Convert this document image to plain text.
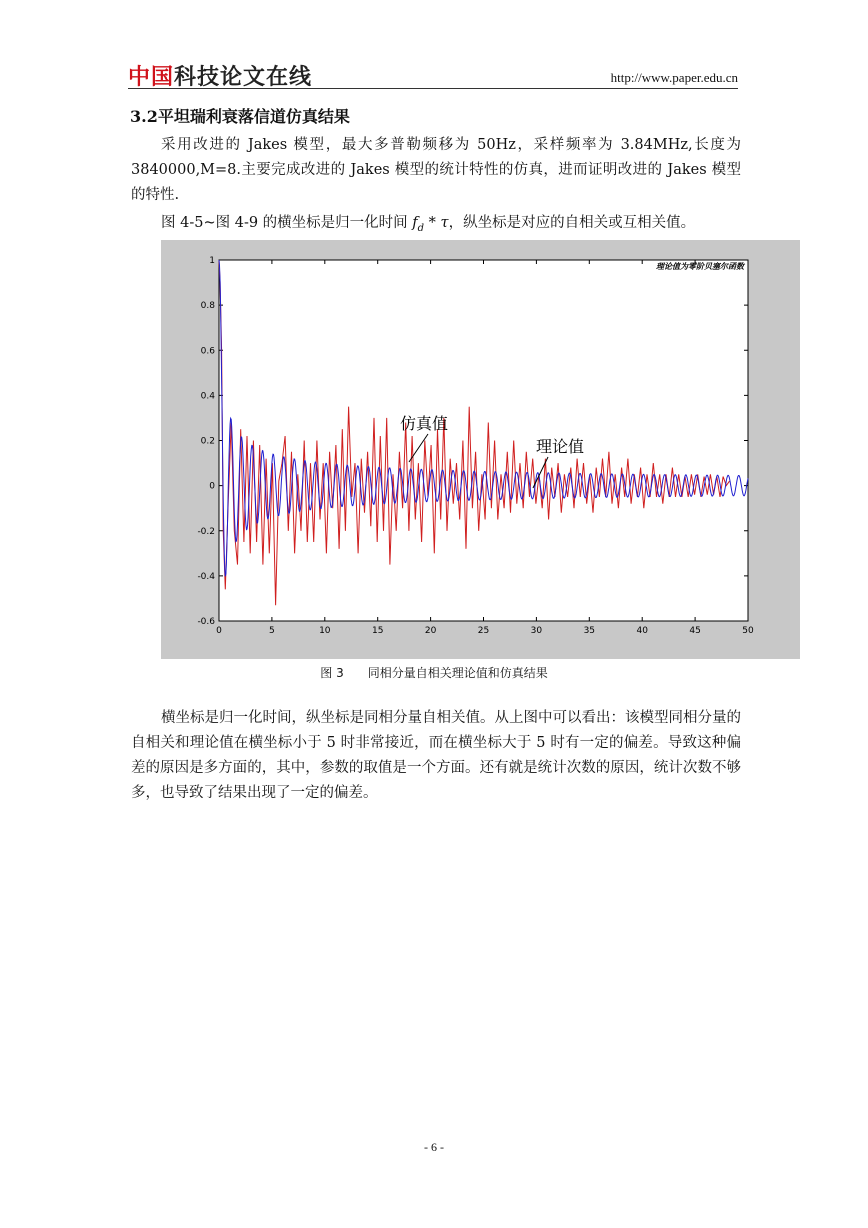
中国科技论文在线	http://www.paper.edu.cn
3.2平坦瑞利衰落信道仿真结果
采用改进的 Jakes 模型，最大多普勒频移为 50Hz，采样频率为 3.84MHz,长度为 3840000,M=8.主要完成改进的 Jakes 模型的统计特性的仿真，进而证明改进的 Jakes 模型的特性.
图 4-5~图 4-9 的横坐标是归一化时间 $f_d$ * τ，纵坐标是对应的自相关或互相关值。
0	5	10	15	20	25	30	35	40	45	50
1
0.8
0.6
0.4
0.2
0
-0.2
-0.4
-0.6
理论值为零阶贝塞尔函数
仿真值
理论值
图 3 同相分量自相关理论值和仿真结果
横坐标是归一化时间，纵坐标是同相分量自相关值。从上图中可以看出：该模型同相分量的自相关和理论值在横坐标小于 5 时非常接近，而在横坐标大于 5 时有一定的偏差。导致这种偏差的原因是多方面的，其中，参数的取值是一个方面。还有就是统计次数的原因，统计次数不够多，也导致了结果出现了一定的偏差。
- 6 -
